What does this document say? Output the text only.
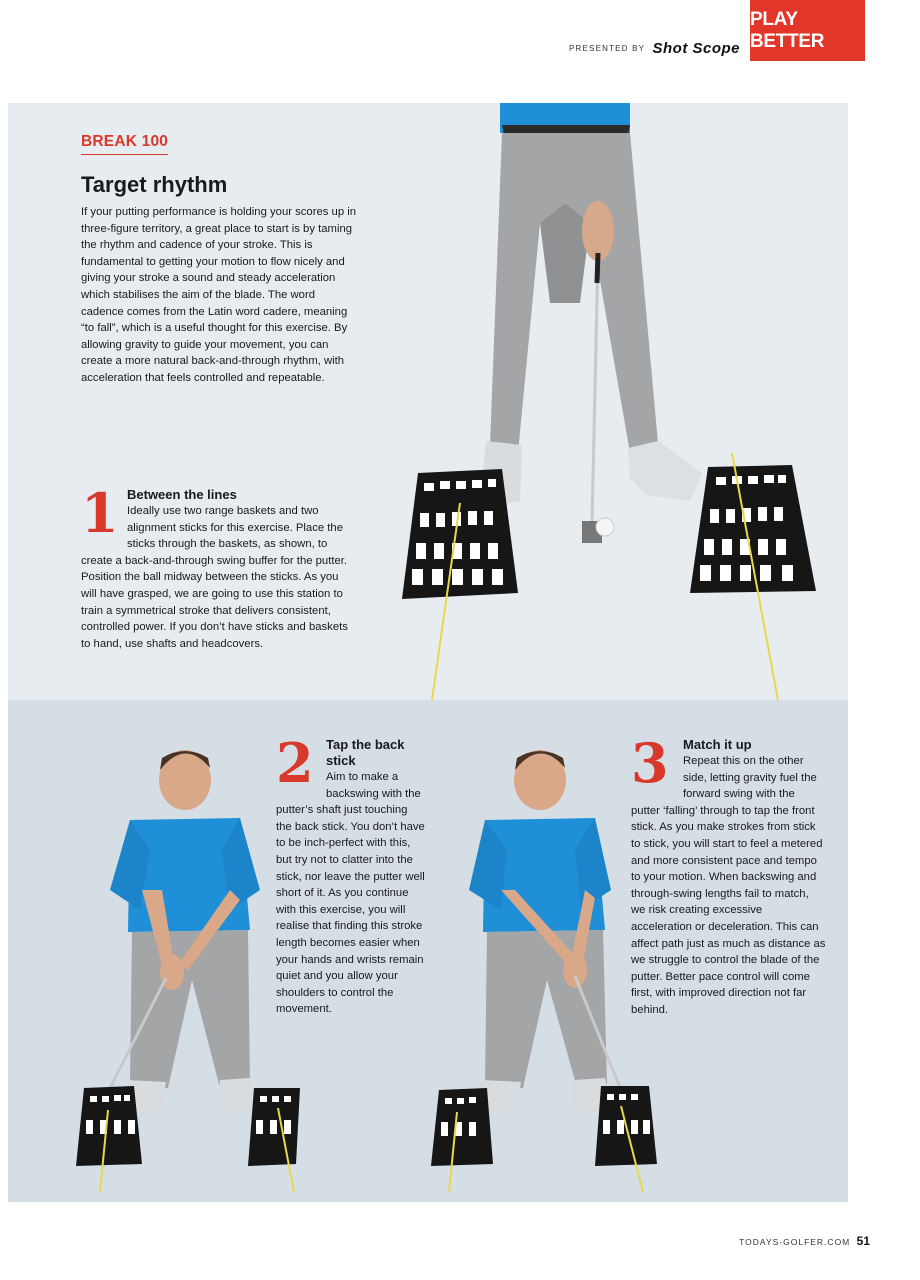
PRESENTED BY Shot Scope
PLAY BETTER
BREAK 100
Target rhythm

If your putting performance is holding your scores up in three-figure territory, a great place to start is by taming the rhythm and cadence of your stroke. This is fundamental to getting your motion to flow nicely and giving your stroke a sound and steady acceleration which stabilises the aim of the blade. The word cadence comes from the Latin word cadere, meaning “to fall”, which is a useful thought for this exercise. By allowing gravity to guide your movement, you can create a more natural back-and-through rhythm, with acceleration that feels controlled and repeatable.

1 Between the lines
Ideally use two range baskets and two alignment sticks for this exercise. Place the sticks through the baskets, as shown, to create a back-and-through swing buffer for the putter. Position the ball midway between the sticks. As you will have grasped, we are going to use this station to train a symmetrical stroke that delivers consistent, controlled power. If you don’t have sticks and baskets to hand, use shafts and headcovers.
2 Tap the back stick
Aim to make a backswing with the putter’s shaft just touching the back stick. You don’t have to be inch-perfect with this, but try not to clatter into the stick, nor leave the putter well short of it. As you continue with this exercise, you will realise that finding this stroke length becomes easier when your hands and wrists remain quiet and you allow your shoulders to control the movement.
3	Match it up
Repeat this on the other side, letting gravity fuel the forward swing with the putter ‘falling’ through to tap the front stick. As you make strokes from stick to stick, you will start to feel a metered and more consistent pace and tempo to your motion. When backswing and through-swing lengths fail to match, we risk creating excessive acceleration or deceleration. This can affect path just as much as distance as we struggle to control the blade of the putter. Better pace control will come first, with improved direction not far behind.
TODAYS-GOLFER.COM 51
